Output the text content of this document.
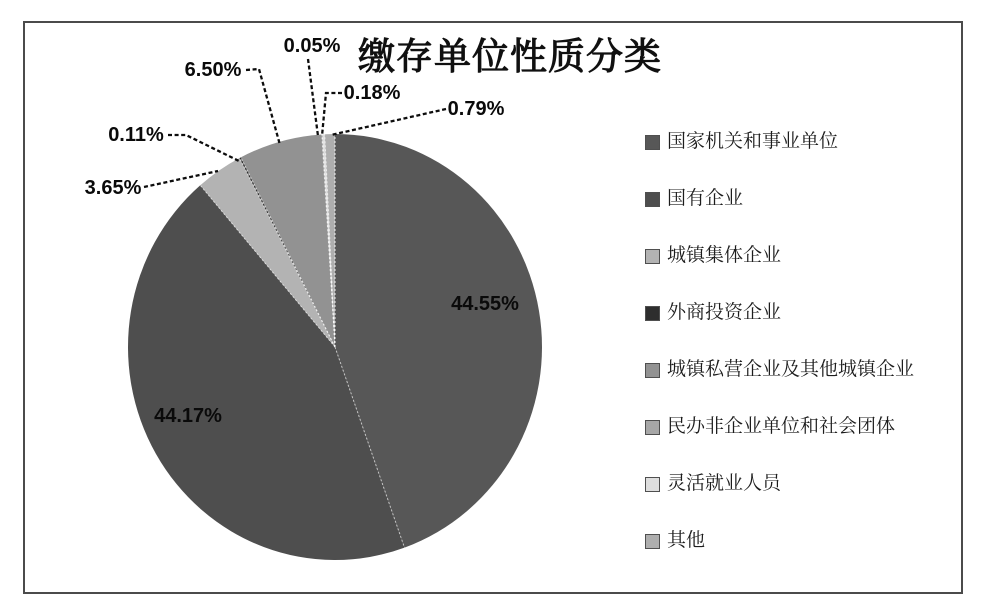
缴存单位性质分类
国家机关和事业单位
国有企业
城镇集体企业
外商投资企业
城镇私营企业及其他城镇企业
民办非企业单位和社会团体
灵活就业人员
其他
44.55%
44.17%
3.65%
0.11%
6.50%
0.05%
0.18%
0.79%
